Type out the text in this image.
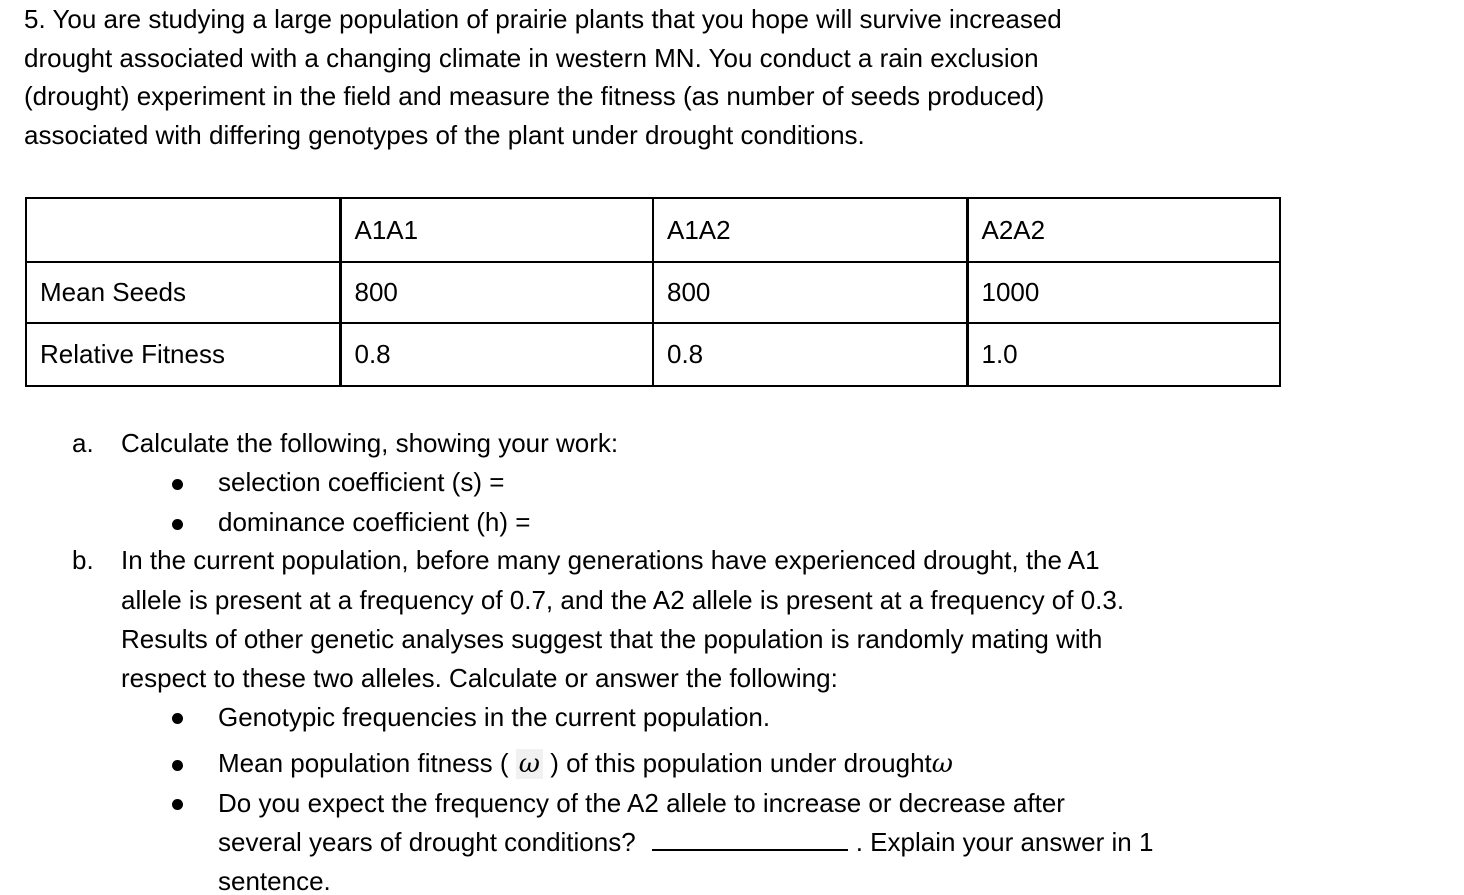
5. You are studying a large population of prairie plants that you hope will survive increased
drought associated with a changing climate in western MN. You conduct a rain exclusion
(drought) experiment in the field and measure the fitness (as number of seeds produced)
associated with differing genotypes of the plant under drought conditions.
	A1A1	A1A2	A2A2
Mean Seeds	800	800	1000
Relative Fitness	0.8	0.8	1.0
a. Calculate the following, showing your work:
selection coefficient (s) =
dominance coefficient (h) =
b. In the current population, before many generations have experienced drought, the A1
allele is present at a frequency of 0.7, and the A2 allele is present at a frequency of 0.3.
Results of other genetic analyses suggest that the population is randomly mating with
respect to these two alleles. Calculate or answer the following:
Genotypic frequencies in the current population.
Mean population fitness ( ω ) of this population under droughtω
Do you expect the frequency of the A2 allele to increase or decrease after
several years of drought conditions?	. Explain your answer in 1
sentence.
